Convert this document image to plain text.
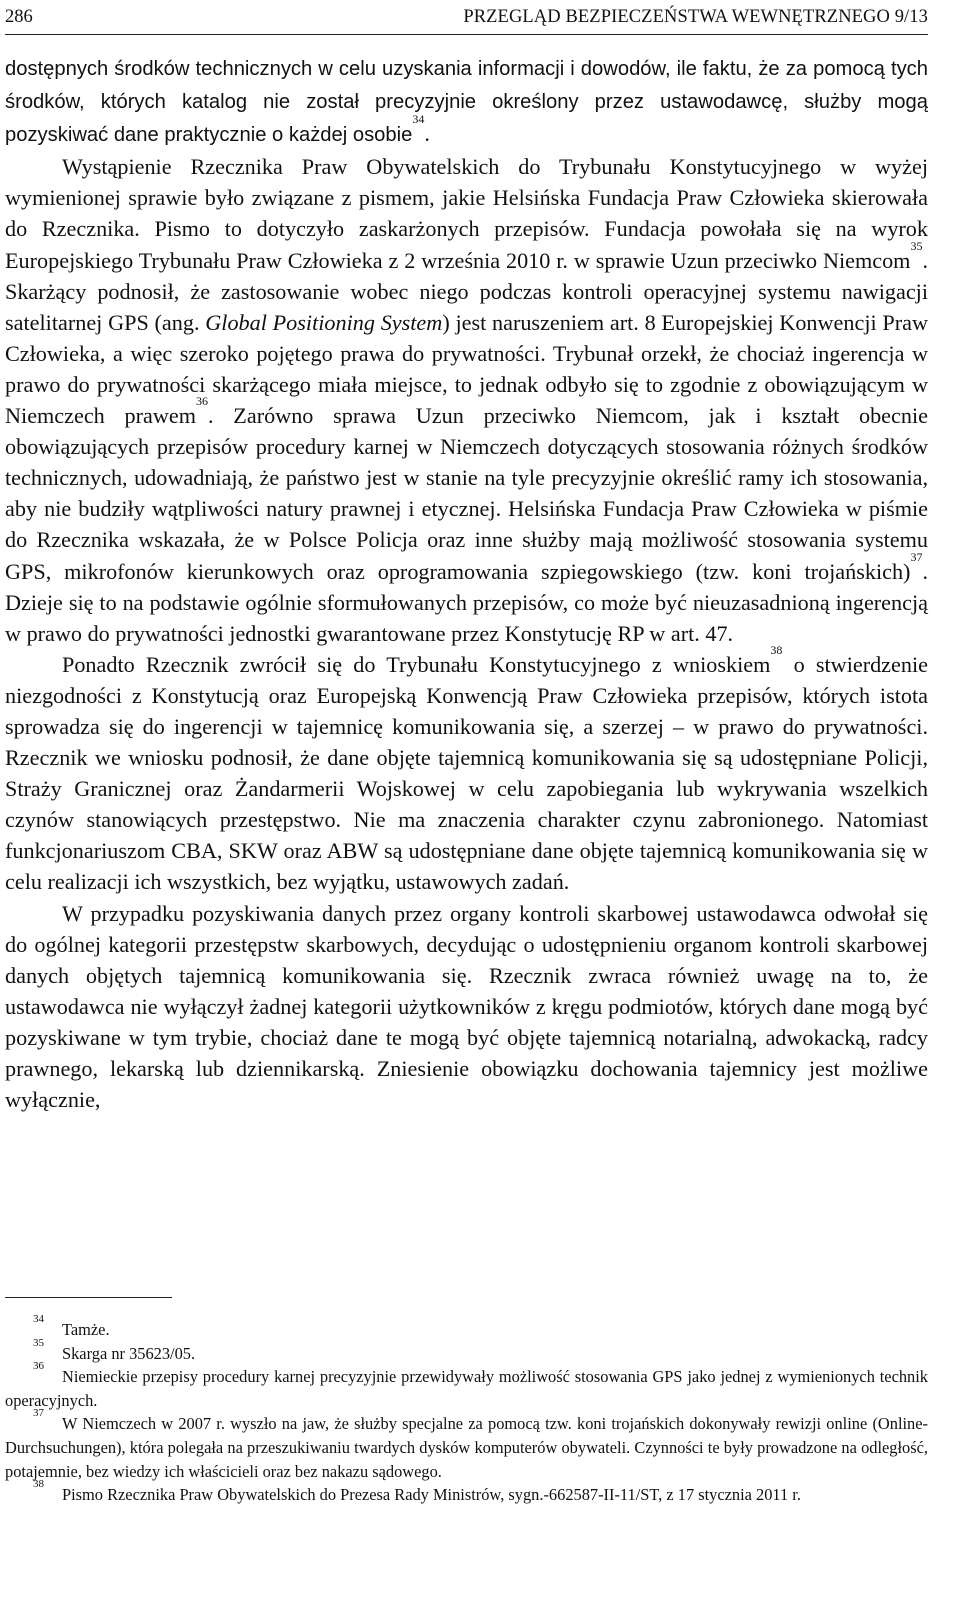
286	PRZEGLĄD BEZPIECZEŃSTWA WEWNĘTRZNEGO 9/13

dostępnych środków technicznych w celu uzyskania informacji i dowodów, ile faktu, że za pomocą tych środków, których katalog nie został precyzyjnie określony przez ustawodawcę, służby mogą pozyskiwać dane praktycznie o każdej osobie$^{34}$.

Wystąpienie Rzecznika Praw Obywatelskich do Trybunału Konstytucyjnego w wyżej wymienionej sprawie było związane z pismem, jakie Helsińska Fundacja Praw Człowieka skierowała do Rzecznika. Pismo to dotyczyło zaskarżonych przepisów. Fundacja powołała się na wyrok Europejskiego Trybunału Praw Człowieka z 2 września 2010 r. w sprawie Uzun przeciwko Niemcom$^{35}$. Skarżący podnosił, że zastosowanie wobec niego podczas kontroli operacyjnej systemu nawigacji satelitarnej GPS (ang. Global Positioning System) jest naruszeniem art. 8 Europejskiej Konwencji Praw Człowieka, a więc szeroko pojętego prawa do prywatności. Trybunał orzekł, że chociaż ingerencja w prawo do prywatności skarżącego miała miejsce, to jednak odbyło się to zgodnie z obowiązującym w Niemczech prawem$^{36}$. Zarówno sprawa Uzun przeciwko Niemcom, jak i kształt obecnie obowiązujących przepisów procedury karnej w Niemczech dotyczących stosowania różnych środków technicznych, udowadniają, że państwo jest w stanie na tyle precyzyjnie określić ramy ich stosowania, aby nie budziły wątpliwości natury prawnej i etycznej. Helsińska Fundacja Praw Człowieka w piśmie do Rzecznika wskazała, że w Polsce Policja oraz inne służby mają możliwość stosowania systemu GPS, mikrofonów kierunkowych oraz oprogramowania szpiegowskiego (tzw. koni trojańskich)$^{37}$. Dzieje się to na podstawie ogólnie sformułowanych przepisów, co może być nieuzasadnioną ingerencją w prawo do prywatności jednostki gwarantowane przez Konstytucję RP w art. 47.

Ponadto Rzecznik zwrócił się do Trybunału Konstytucyjnego z wnioskiem$^{38}$ o stwierdzenie niezgodności z Konstytucją oraz Europejską Konwencją Praw Człowieka przepisów, których istota sprowadza się do ingerencji w tajemnicę komunikowania się, a szerzej – w prawo do prywatności. Rzecznik we wniosku podnosił, że dane objęte tajemnicą komunikowania się są udostępniane Policji, Straży Granicznej oraz Żandarmerii Wojskowej w celu zapobiegania lub wykrywania wszelkich czynów stanowiących przestępstwo. Nie ma znaczenia charakter czynu zabronionego. Natomiast funkcjonariuszom CBA, SKW oraz ABW są udostępniane dane objęte tajemnicą komunikowania się w celu realizacji ich wszystkich, bez wyjątku, ustawowych zadań.

W przypadku pozyskiwania danych przez organy kontroli skarbowej ustawodawca odwołał się do ogólnej kategorii przestępstw skarbowych, decydując o udostępnieniu organom kontroli skarbowej danych objętych tajemnicą komunikowania się. Rzecznik zwraca również uwagę na to, że ustawodawca nie wyłączył żadnej kategorii użytkowników z kręgu podmiotów, których dane mogą być pozyskiwane w tym trybie, chociaż dane te mogą być objęte tajemnicą notarialną, adwokacką, radcy prawnego, lekarską lub dziennikarską. Zniesienie obowiązku dochowania tajemnicy jest możliwe wyłącznie,

$^{34}$Tamże.

$^{35}$Skarga nr 35623/05.

$^{36}$Niemieckie przepisy procedury karnej precyzyjnie przewidywały możliwość stosowania GPS jako jednej z wymienionych technik operacyjnych.

$^{37}$W Niemczech w 2007 r. wyszło na jaw, że służby specjalne za pomocą tzw. koni trojańskich dokonywały rewizji online (Online-Durchsuchungen), która polegała na przeszukiwaniu twardych dysków komputerów obywateli. Czynności te były prowadzone na odległość, potajemnie, bez wiedzy ich właścicieli oraz bez nakazu sądowego.

$^{38}$Pismo Rzecznika Praw Obywatelskich do Prezesa Rady Ministrów, sygn.-662587-II-11/ST, z 17 stycznia 2011 r.
